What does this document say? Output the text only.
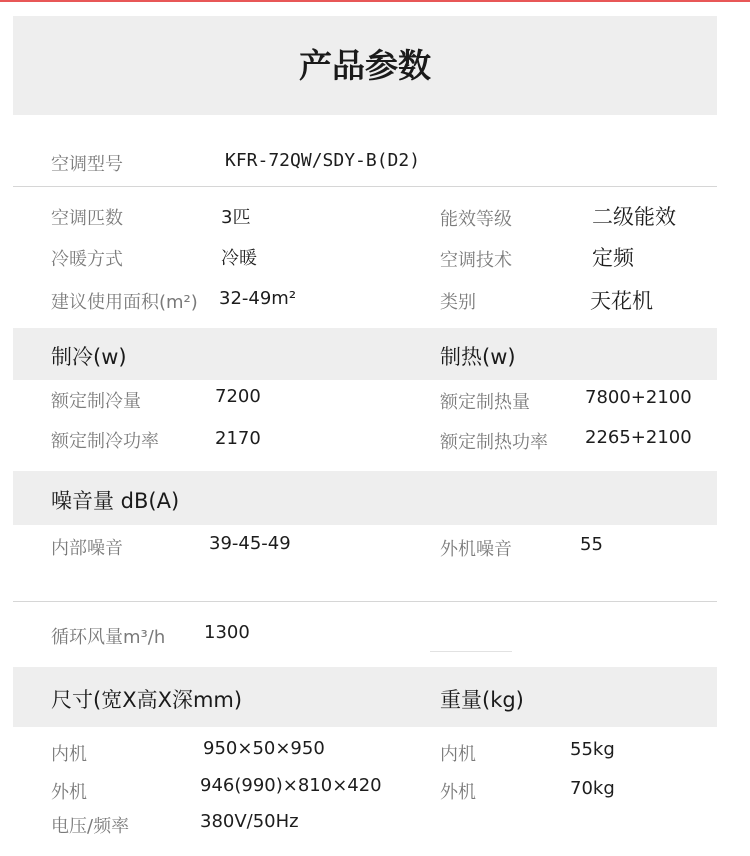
产品参数
空调型号	KFR-72QW/SDY-B(D2)
空调匹数	3匹	能效等级	二级能效
冷暖方式	冷暖	空调技术	定频
建议使用面积(m²) 32-49m²	类别	天花机
制冷(w)	制热(w)
额定制冷量	7200	额定制热量	7800+2100
额定制冷功率	2170	额定制热功率 2265+2100
噪音量 dB(A)
内部噪音	39-45-49	外机噪音	55
循环风量m³/h 1300
尺寸(宽X高X深mm)	重量(kg)
内机	950×50×950	内机	55kg
外机	946(990)×810×420	外机	70kg
电压/频率	380V/50Hz
